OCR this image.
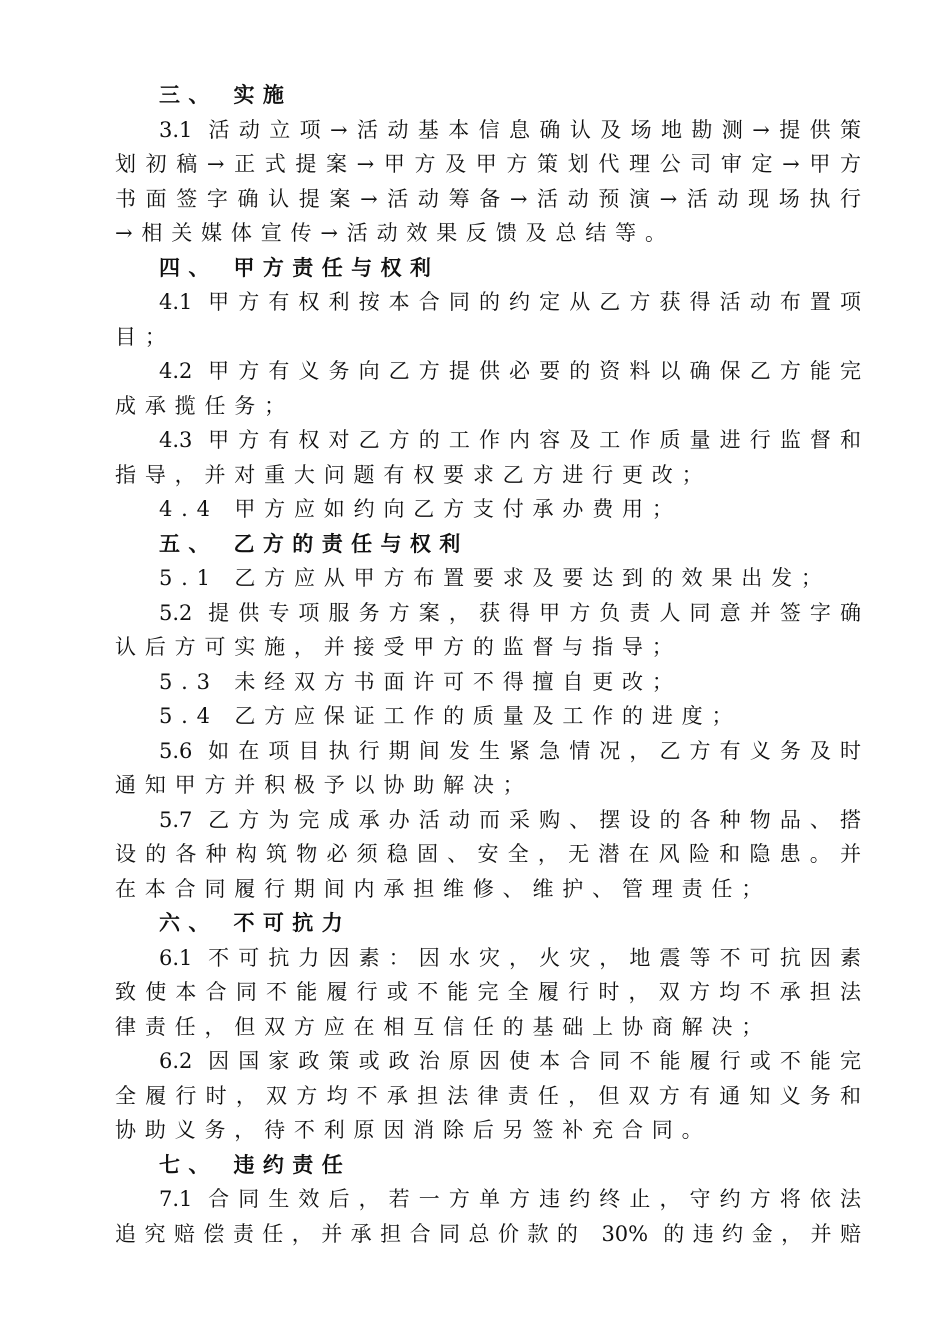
三、 实施
3.1 活动立项→活动基本信息确认及场地勘测→提供策
划初稿→正式提案→甲方及甲方策划代理公司审定→甲方
书面签字确认提案→活动筹备→活动预演→活动现场执行
→相关媒体宣传→活动效果反馈及总结等。
四、 甲方责任与权利
4.1 甲方有权利按本合同的约定从乙方获得活动布置项
目；
4.2 甲方有义务向乙方提供必要的资料以确保乙方能完
成承揽任务；
4.3 甲方有权对乙方的工作内容及工作质量进行监督和
指导，并对重大问题有权要求乙方进行更改；
4.4 甲方应如约向乙方支付承办费用；
五、 乙方的责任与权利
5.1 乙方应从甲方布置要求及要达到的效果出发；
5.2 提供专项服务方案，获得甲方负责人同意并签字确
认后方可实施，并接受甲方的监督与指导；
5.3 未经双方书面许可不得擅自更改；
5.4 乙方应保证工作的质量及工作的进度；
5.6 如在项目执行期间发生紧急情况，乙方有义务及时
通知甲方并积极予以协助解决；
5.7 乙方为完成承办活动而采购、摆设的各种物品、搭
设的各种构筑物必须稳固、安全，无潜在风险和隐患。并
在本合同履行期间内承担维修、维护、管理责任；
六、 不可抗力
6.1 不可抗力因素：因水灾，火灾，地震等不可抗因素
致使本合同不能履行或不能完全履行时，双方均不承担法
律责任，但双方应在相互信任的基础上协商解决；
6.2 因国家政策或政治原因使本合同不能履行或不能完
全履行时，双方均不承担法律责任，但双方有通知义务和
协助义务，待不利原因消除后另签补充合同。
七、 违约责任
7.1 合同生效后，若一方单方违约终止，守约方将依法
追究赔偿责任，并承担合同总价款的 30% 的违约金，并赔
